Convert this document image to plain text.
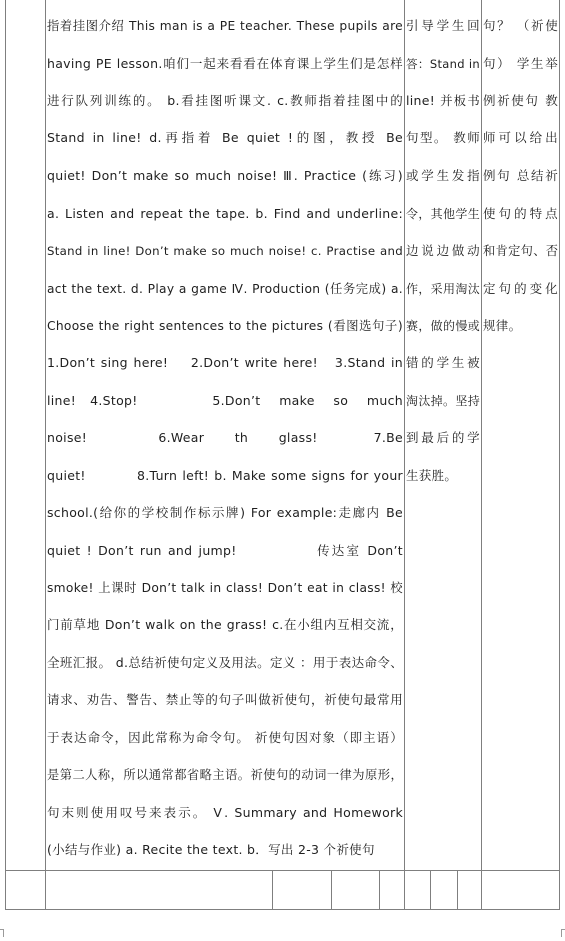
指着挂图介绍 This man is a PE teacher. These pupils are
having PE lesson.咱们一起来看看在体育课上学生们是怎样
进行队列训练的。 b.看挂图听课文. c.教师指着挂图中的
Stand in line! d.再指着 Be quiet !的图，教授 Be
quiet! Don’t make so much noise! Ⅲ. Practice (练习)
a. Listen and repeat the tape. b. Find and underline:
Stand in line! Don’t make so much noise! c. Practise and
act the text. d. Play a game Ⅳ. Production (任务完成) a.
Choose the right sentences to the pictures (看图选句子)
1.Don’t sing here!    2.Don’t write here!   3.Stand in
line!   4.Stop!                5.Don’t    make    so    much
noise!              6.Wear      th      glass!           7.Be
quiet!          8.Turn left! b. Make some signs for your
school.(给你的学校制作标示牌) For example:走廊内 Be
quiet ! Don’t run and jump!             传达室 Don’t
smoke! 上课时 Don’t talk in class! Don’t eat in class! 校
门前草地 Don’t walk on the grass! c.在小组内互相交流，
全班汇报。 d.总结祈使句定义及用法。定义 ：用于表达命令、
请求、劝告、警告、禁止等的句子叫做祈使句，祈使句最常用
于表达命令，因此常称为命令句。 祈使句因对象（即主语）
是第二人称，所以通常都省略主语。祈使句的动词一律为原形，
句末则使用叹号来表示。 Ⅴ. Summary and Homework
(小结与作业) a. Recite the text. b．写出 2-3 个祈使句
引导学生回
答：Stand in
line! 并板书
句型。 教师
或学生发指
令，其他学生
边说边做动
作，采用淘汰
赛，做的慢或
错的学生被
淘汰掉。坚持
到最后的学
生获胜。
句？ （祈使
句） 学生举
例祈使句 教
师可以给出
例句 总结祈
使句的特点
和肯定句、否
定句的变化
规律。
